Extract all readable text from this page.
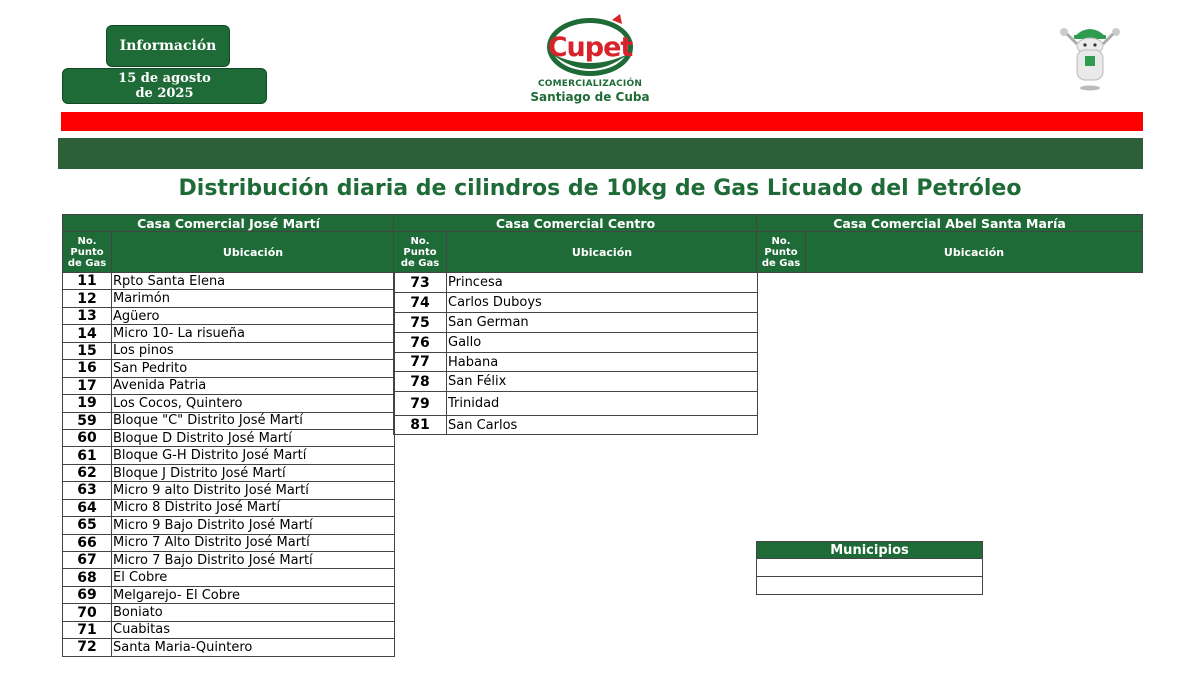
Información
15 de agosto
de 2025
Cupet
COMERCIALIZACIÓN
Santiago de Cuba
Distribución diaria de cilindros de 10kg de Gas Licuado del Petróleo
Casa Comercial José Martí	

No.
Punto
de Gas	Ubicación
11	Rpto Santa Elena
12	Marimón
13	Agüero
14	Micro 10- La risueña
15	Los pinos
16	San Pedrito
17	Avenida Patria
19	Los Cocos, Quintero
59	Bloque "C" Distrito José Martí
60	Bloque D Distrito José Martí
61	Bloque G-H Distrito José Martí
62	Bloque J Distrito José Martí
63	Micro 9 alto Distrito José Martí
64	Micro 8 Distrito José Martí
65	Micro 9 Bajo Distrito José Martí
66	Micro 7 Alto Distrito José Martí
67	Micro 7 Bajo Distrito José Martí
68	El Cobre
69	Melgarejo- El Cobre
70	Boniato
71	Cuabitas
72	Santa Maria-Quintero
Casa Comercial Centro	

No.
Punto
de Gas	Ubicación
73	Princesa
74	Carlos Duboys
75	San German
76	Gallo
77	Habana
78	San Félix
79	Trinidad
81	San Carlos
Casa Comercial Abel Santa María

No.
Punto
de Gas
	Ubicación
Municipios
